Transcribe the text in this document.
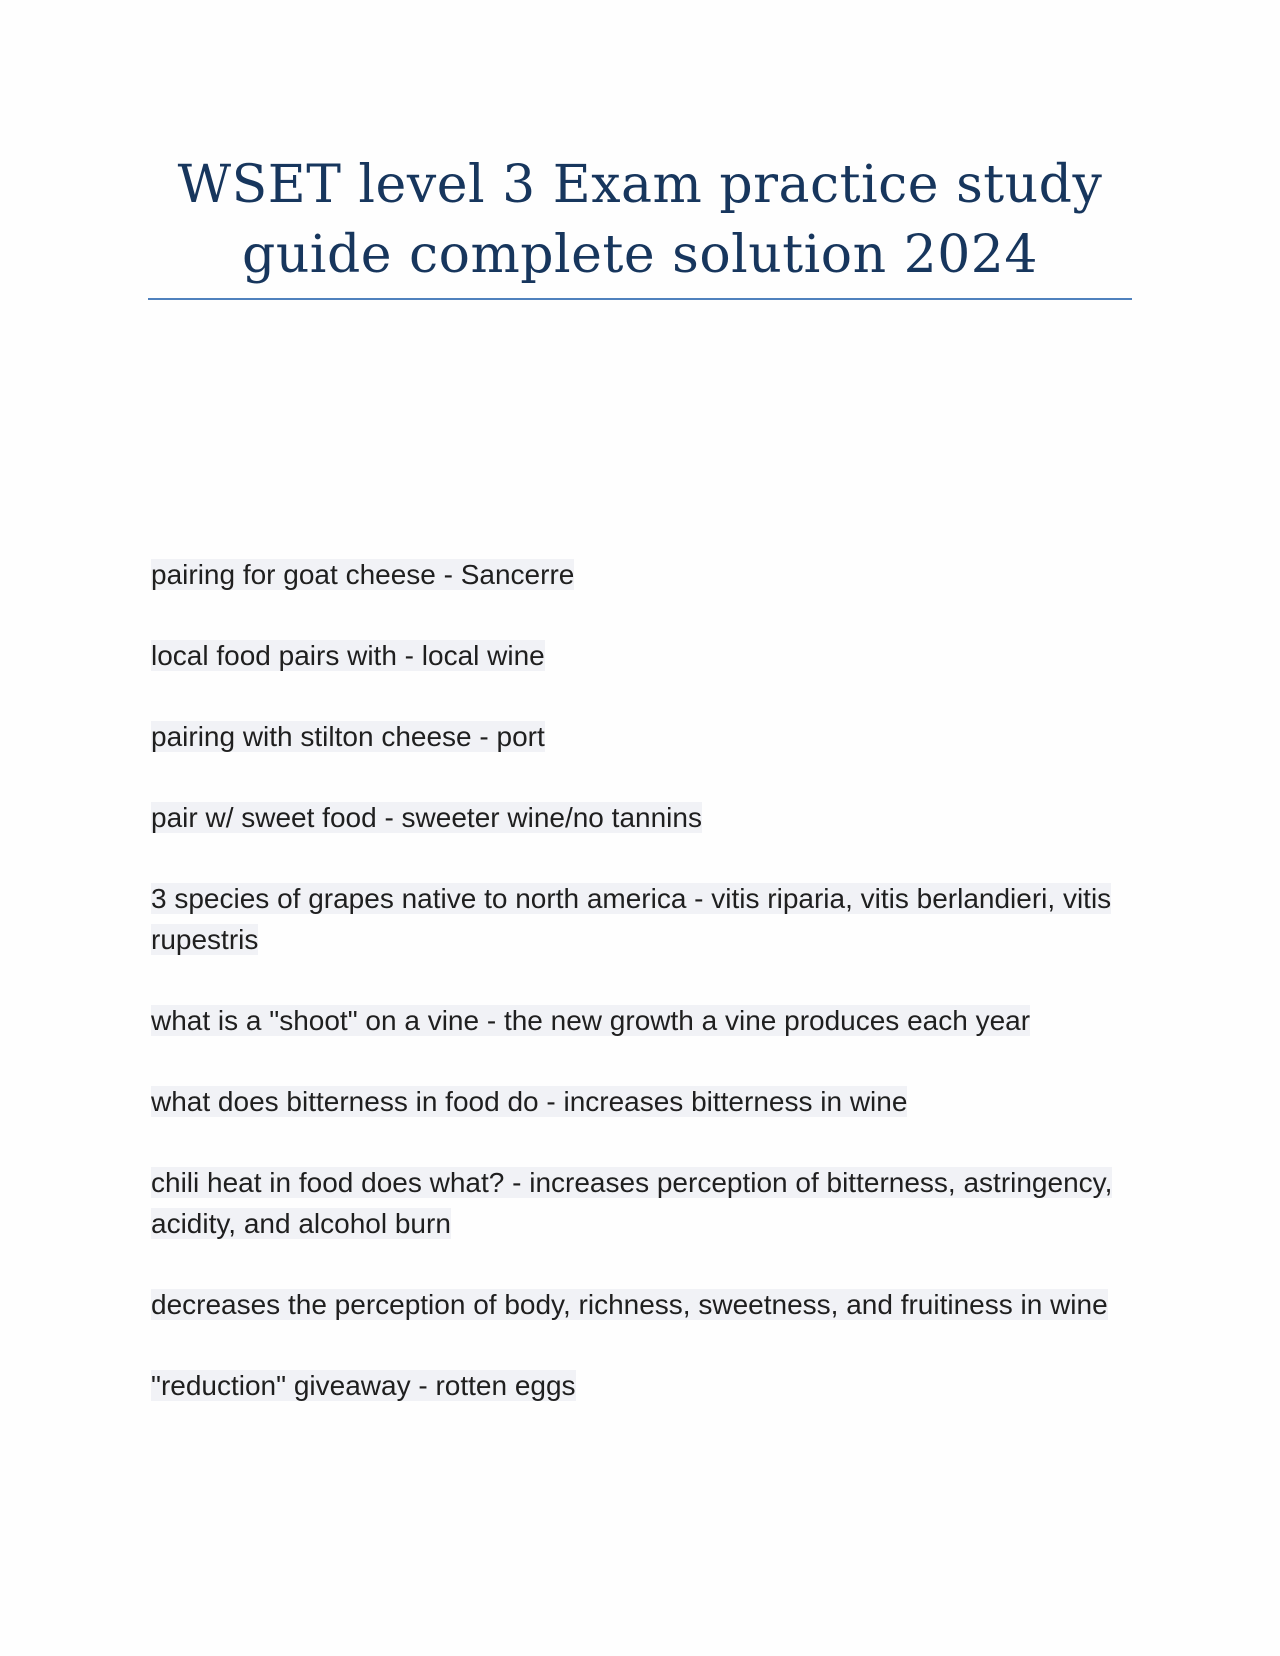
WSET level 3 Exam practice study guide complete solution 2024

pairing for goat cheese - Sancerre

local food pairs with - local wine

pairing with stilton cheese - port

pair w/ sweet food - sweeter wine/no tannins

3 species of grapes native to north america - vitis riparia, vitis berlandieri, vitis rupestris

what is a "shoot" on a vine - the new growth a vine produces each year

what does bitterness in food do - increases bitterness in wine

chili heat in food does what? - increases perception of bitterness, astringency, acidity, and alcohol burn

decreases the perception of body, richness, sweetness, and fruitiness in wine

"reduction" giveaway - rotten eggs
